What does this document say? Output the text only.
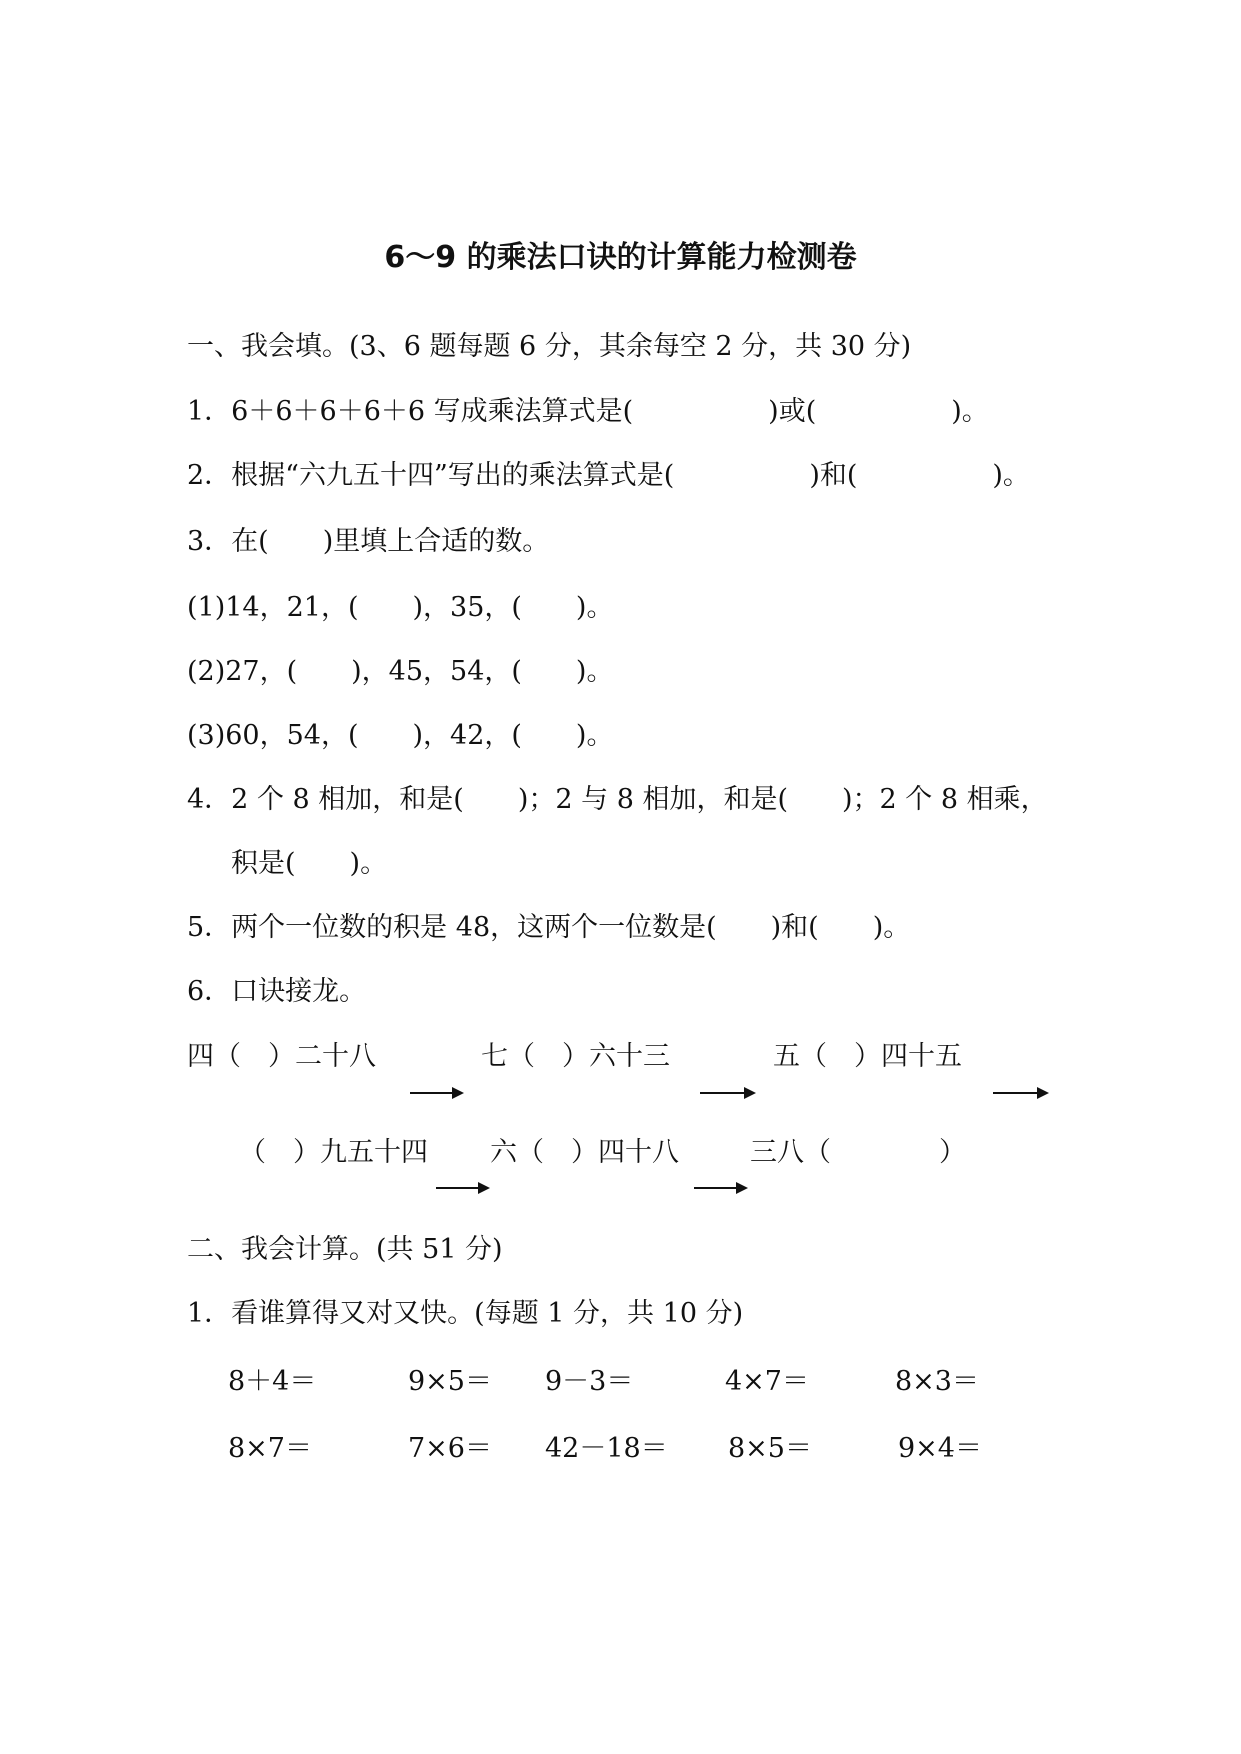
6～9 的乘法口诀的计算能力检测卷
一、我会填。(3、6 题每题 6 分，其余每空 2 分，共 30 分)
1．6＋6＋6＋6＋6 写成乘法算式是(　　　　　)或(　　　　　)。
2．根据“六九五十四”写出的乘法算式是(　　　　　)和(　　　　　)。
3．在(　　)里填上合适的数。
(1)14，21，(　　)，35，(　　)。
(2)27，(　　)，45，54，(　　)。
(3)60，54，(　　)，42，(　　)。
4．2 个 8 相加，和是(　　)；2 与 8 相加，和是(　　)；2 个 8 相乘，
积是(　　)。
5．两个一位数的积是 48，这两个一位数是(　　)和(　　)。
6．口诀接龙。
四（　）二十八	七（　）六十三	五（　）四十五
（　）九五十四 六（　）四十八	三八（　　　　）
二、我会计算。(共 51 分)
1．看谁算得又对又快。(每题 1 分，共 10 分)
8＋4＝	9×5＝ 9－3＝	4×7＝	8×3＝
8×7＝	7×6＝ 42－18＝ 8×5＝	9×4＝
